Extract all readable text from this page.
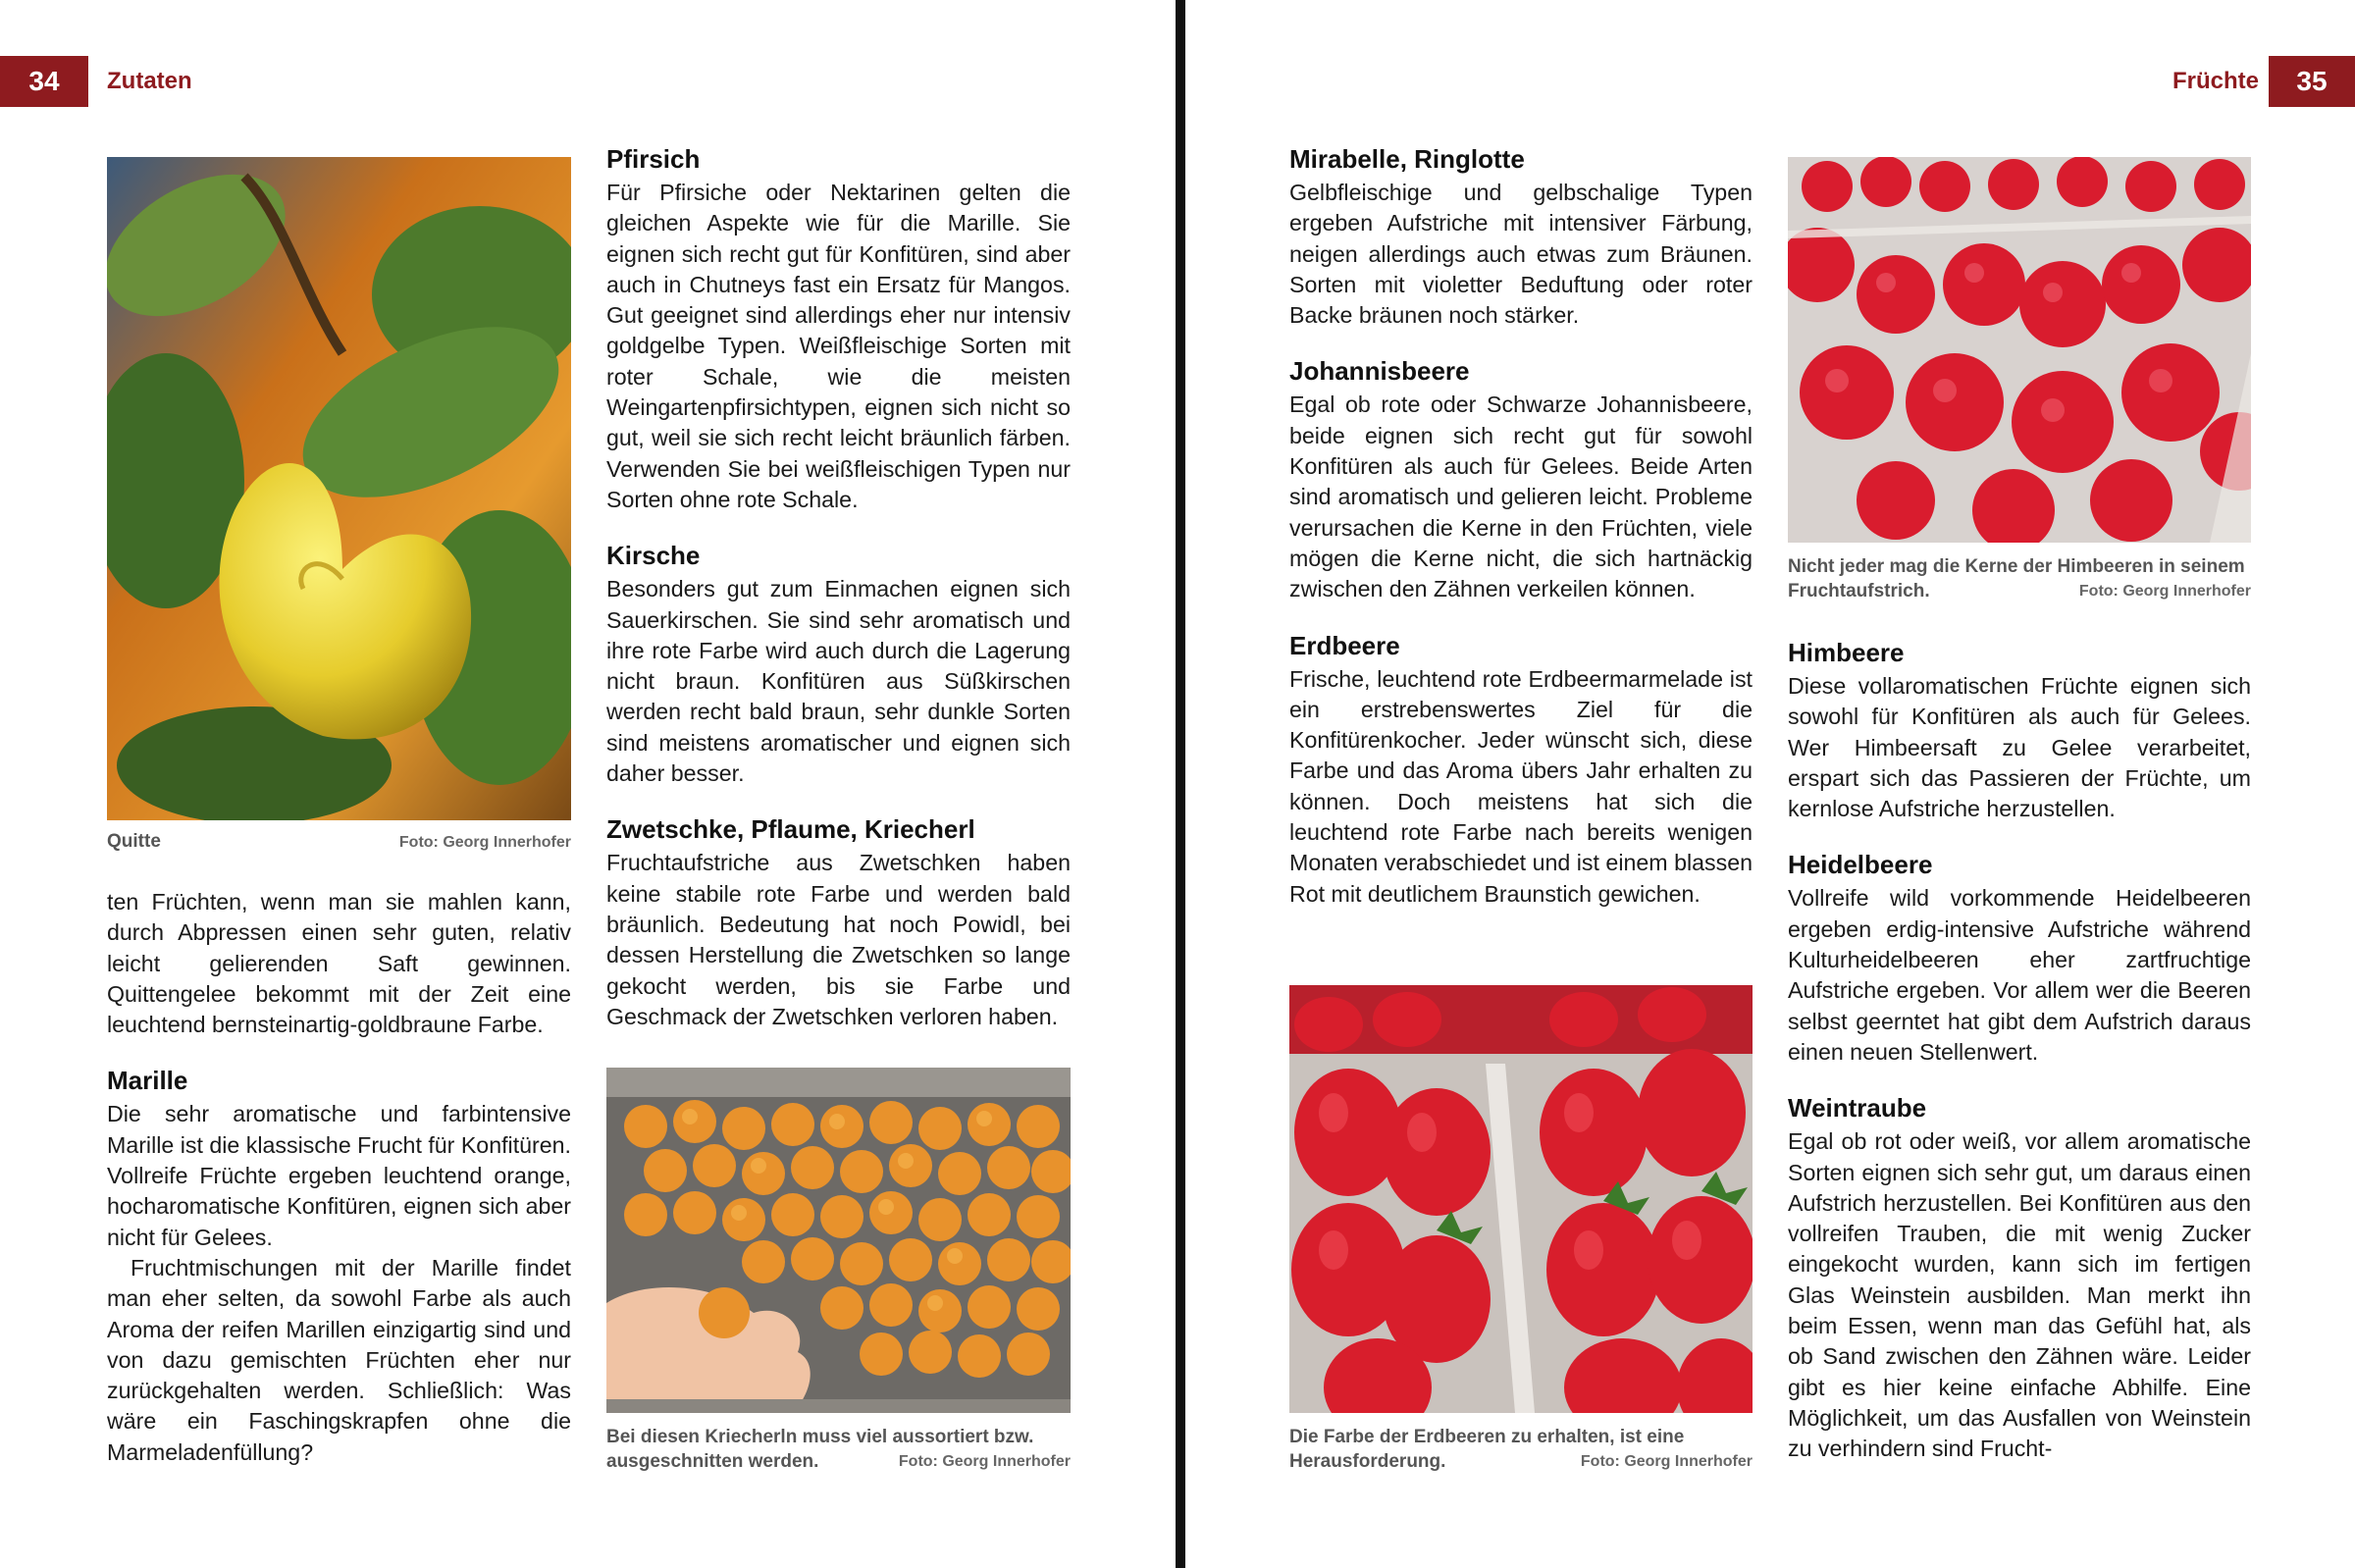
34	Zutaten
Quitte	Foto: Georg Innerhofer

ten Früchten, wenn man sie mahlen kann, durch Abpressen einen sehr guten, relativ leicht gelierenden Saft gewinnen. Quittengelee bekommt mit der Zeit eine leuchtend bernsteinartig-goldbraune Farbe.

Marille

Die sehr aromatische und farbintensive Marille ist die klassische Frucht für Konfitüren. Vollreife Früchte ergeben leuchtend orange, hocharomatische Konfitüren, eignen sich aber nicht für Gelees.

Fruchtmischungen mit der Marille findet man eher selten, da sowohl Farbe als auch Aroma der reifen Marillen einzigartig sind und von dazu gemischten Früchten eher nur zurückgehalten werden. Schließlich: Was wäre ein Faschingskrapfen ohne die Marmeladenfüllung?

Pfirsich

Für Pfirsiche oder Nektarinen gelten die gleichen Aspekte wie für die Marille. Sie eignen sich recht gut für Konfitüren, sind aber auch in Chutneys fast ein Ersatz für Mangos. Gut geeignet sind allerdings eher nur intensiv goldgelbe Typen. Weißfleischige Sorten mit roter Schale, wie die meisten Weingartenpfirsichtypen, eignen sich nicht so gut, weil sie sich recht leicht bräunlich färben. Verwenden Sie bei weißfleischigen Typen nur Sorten ohne rote Schale.

Kirsche

Besonders gut zum Einmachen eignen sich Sauerkirschen. Sie sind sehr aromatisch und ihre rote Farbe wird auch durch die Lagerung nicht braun. Konfitüren aus Süßkirschen werden recht bald braun, sehr dunkle Sorten sind meistens aromatischer und eignen sich daher besser.

Zwetschke, Pflaume, Kriecherl

Fruchtaufstriche aus Zwetschken haben keine stabile rote Farbe und werden bald bräunlich. Bedeutung hat noch Powidl, bei dessen Herstellung die Zwetschken so lange gekocht werden, bis sie Farbe und Geschmack der Zwetschken verloren haben.

Bei diesen Kriecherln muss viel aussortiert bzw. ausgeschnitten werden.	Foto: Georg Innerhofer
35
Früchte
Mirabelle, Ringlotte

Gelbfleischige und gelbschalige Typen ergeben Aufstriche mit intensiver Färbung, neigen allerdings auch etwas zum Bräunen. Sorten mit violetter Beduftung oder roter Backe bräunen noch stärker.

Johannisbeere

Egal ob rote oder Schwarze Johannisbeere, beide eignen sich recht gut für sowohl Konfitüren als auch für Gelees. Beide Arten sind aromatisch und gelieren leicht. Probleme verursachen die Kerne in den Früchten, viele mögen die Kerne nicht, die sich hartnäckig zwischen den Zähnen verkeilen können.

Erdbeere

Frische, leuchtend rote Erdbeermarmelade ist ein erstrebenswertes Ziel für die Konfitürenkocher. Jeder wünscht sich, diese Farbe und das Aroma übers Jahr erhalten zu können. Doch meistens hat sich die leuchtend rote Farbe nach bereits wenigen Monaten verabschiedet und ist einem blassen Rot mit deutlichem Braunstich gewichen.

Die Farbe der Erdbeeren zu erhalten, ist eine Herausforderung.	Foto: Georg Innerhofer
Nicht jeder mag die Kerne der Himbeeren in seinem Fruchtaufstrich.	Foto: Georg Innerhofer
Himbeere

Diese vollaromatischen Früchte eignen sich sowohl für Konfitüren als auch für Gelees. Wer Himbeersaft zu Gelee verarbeitet, erspart sich das Passieren der Früchte, um kernlose Aufstriche herzustellen.

Heidelbeere

Vollreife wild vorkommende Heidelbeeren ergeben erdig-intensive Aufstriche während Kulturheidelbeeren eher zartfruchtige Aufstriche ergeben. Vor allem wer die Beeren selbst geerntet hat gibt dem Aufstrich daraus einen neuen Stellenwert.

Weintraube

Egal ob rot oder weiß, vor allem aromatische Sorten eignen sich sehr gut, um daraus einen Aufstrich herzustellen. Bei Konfitüren aus den vollreifen Trauben, die mit wenig Zucker eingekocht wurden, kann sich im fertigen Glas Weinstein ausbilden. Man merkt ihn beim Essen, wenn man das Gefühl hat, als ob Sand zwischen den Zähnen wäre. Leider gibt es hier keine einfache Abhilfe. Eine Möglichkeit, um das Ausfallen von Weinstein zu verhindern sind Frucht-
